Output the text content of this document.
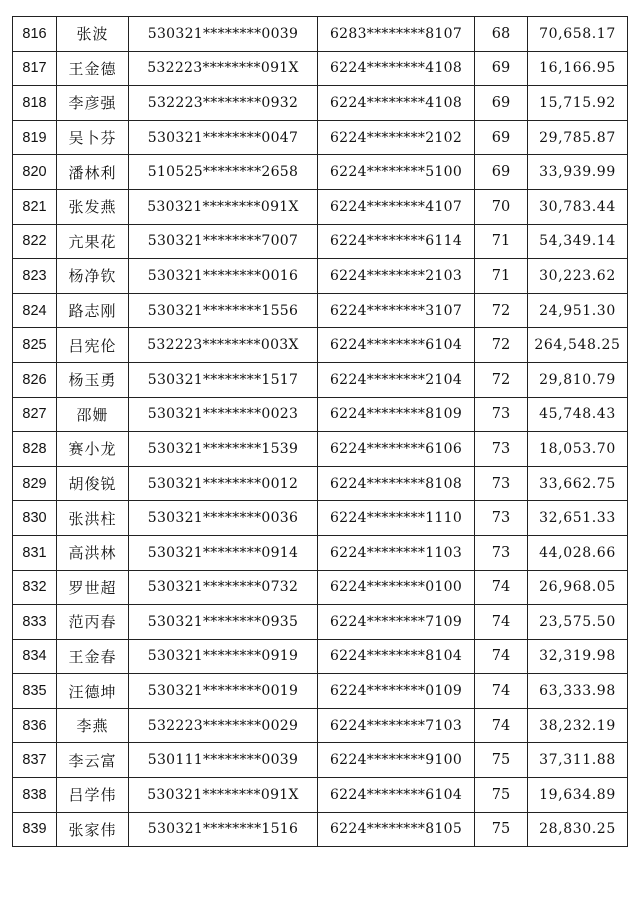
816	张波	530321********0039	6283********8107	68	70,658.17
817	王金德	532223********091X	6224********4108	69	16,166.95
818	李彦强	532223********0932	6224********4108	69	15,715.92
819	吴卜芬	530321********0047	6224********2102	69	29,785.87
820	潘林利	510525********2658	6224********5100	69	33,939.99
821	张发燕	530321********091X	6224********4107	70	30,783.44
822	亢果花	530321********7007	6224********6114	71	54,349.14
823	杨净钦	530321********0016	6224********2103	71	30,223.62
824	路志刚	530321********1556	6224********3107	72	24,951.30
825	吕宪伦	532223********003X	6224********6104	72	264,548.25
826	杨玉勇	530321********1517	6224********2104	72	29,810.79
827	邵姗	530321********0023	6224********8109	73	45,748.43
828	赛小龙	530321********1539	6224********6106	73	18,053.70
829	胡俊锐	530321********0012	6224********8108	73	33,662.75
830	张洪柱	530321********0036	6224********1110	73	32,651.33
831	高洪林	530321********0914	6224********1103	73	44,028.66
832	罗世超	530321********0732	6224********0100	74	26,968.05
833	范丙春	530321********0935	6224********7109	74	23,575.50
834	王金春	530321********0919	6224********8104	74	32,319.98
835	汪德坤	530321********0019	6224********0109	74	63,333.98
836	李燕	532223********0029	6224********7103	74	38,232.19
837	李云富	530111********0039	6224********9100	75	37,311.88
838	吕学伟	530321********091X	6224********6104	75	19,634.89
839	张家伟	530321********1516	6224********8105	75	28,830.25
